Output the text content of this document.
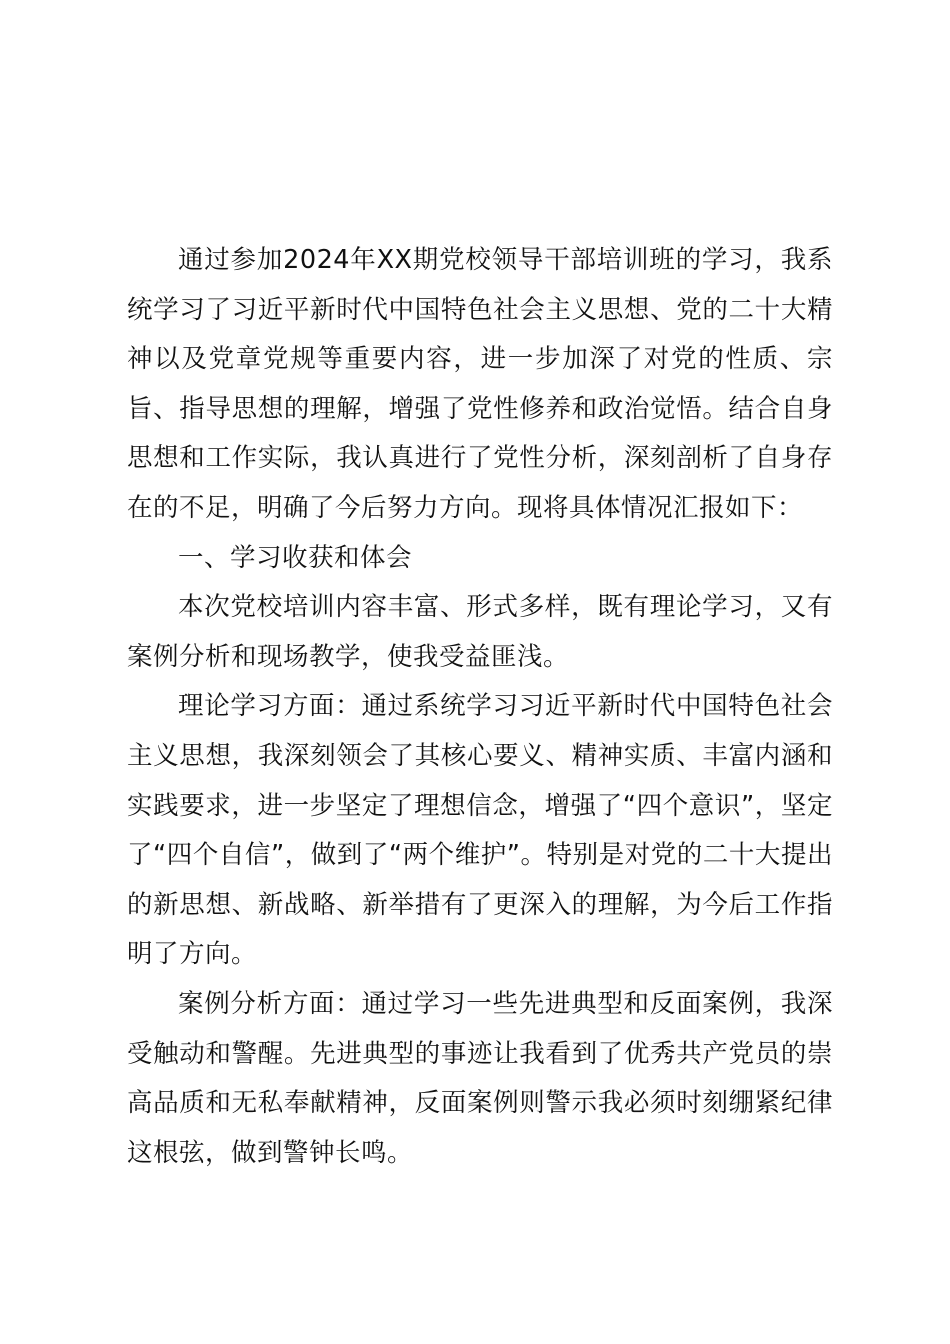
通过参加2024年XX期党校领导干部培训班的学习，我系统学习了习近平新时代中国特色社会主义思想、党的二十大精神以及党章党规等重要内容，进一步加深了对党的性质、宗旨、指导思想的理解，增强了党性修养和政治觉悟。结合自身思想和工作实际，我认真进行了党性分析，深刻剖析了自身存在的不足，明确了今后努力方向。现将具体情况汇报如下：

一、学习收获和体会

本次党校培训内容丰富、形式多样，既有理论学习，又有案例分析和现场教学，使我受益匪浅。

理论学习方面：通过系统学习习近平新时代中国特色社会主义思想，我深刻领会了其核心要义、精神实质、丰富内涵和实践要求，进一步坚定了理想信念，增强了“四个意识”，坚定了“四个自信”，做到了“两个维护”。特别是对党的二十大提出的新思想、新战略、新举措有了更深入的理解，为今后工作指明了方向。

案例分析方面：通过学习一些先进典型和反面案例，我深受触动和警醒。先进典型的事迹让我看到了优秀共产党员的崇高品质和无私奉献精神，反面案例则警示我必须时刻绷紧纪律这根弦，做到警钟长鸣。
